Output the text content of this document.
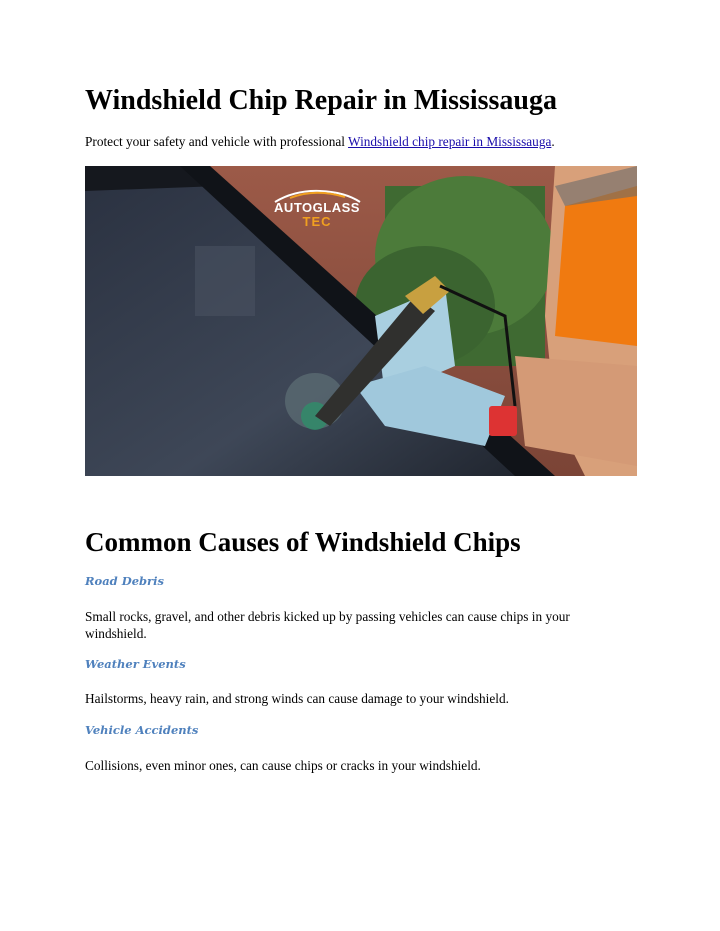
Windshield Chip Repair in Mississauga

Protect your safety and vehicle with professional Windshield chip repair in Mississauga.

AUTOGLASS
TEC
Common Causes of Windshield Chips

Road Debris

Small rocks, gravel, and other debris kicked up by passing vehicles can cause chips in your windshield.

Weather Events

Hailstorms, heavy rain, and strong winds can cause damage to your windshield.

Vehicle Accidents

Collisions, even minor ones, can cause chips or cracks in your windshield.
